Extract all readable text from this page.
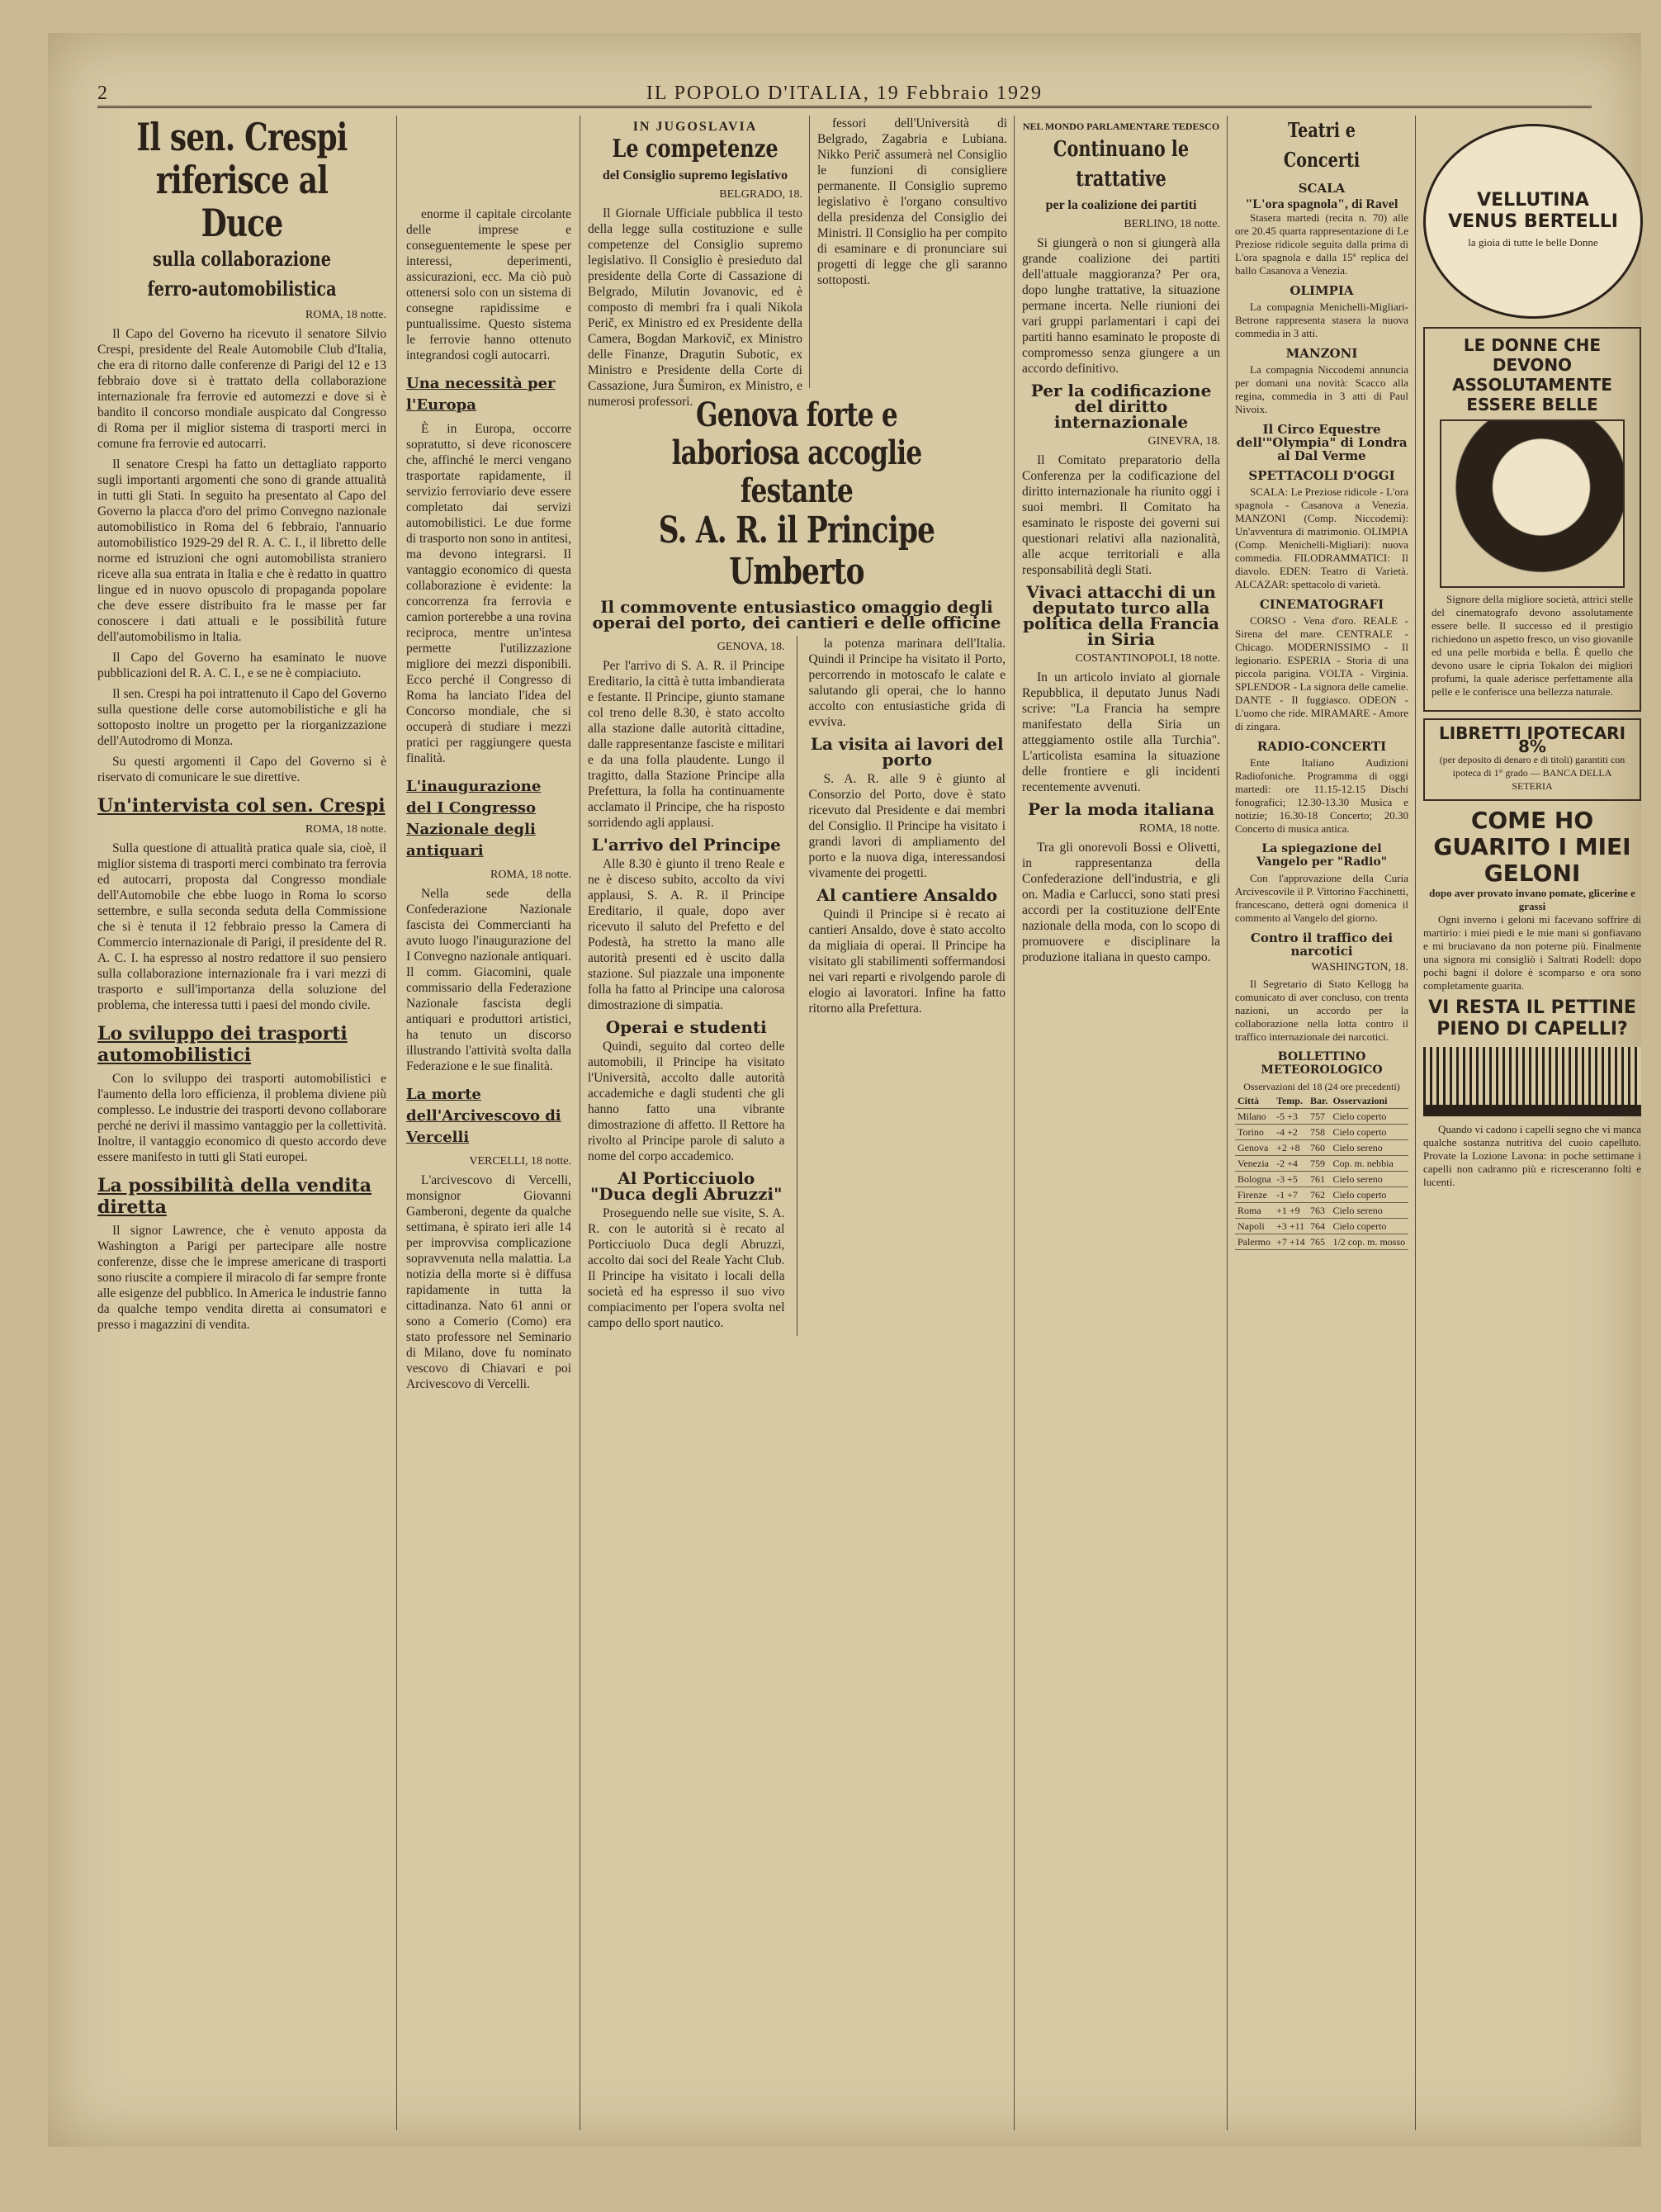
2	IL POPOLO D'ITALIA, 19 Febbraio 1929
Il sen. Crespi riferisce al Duce
sulla collaborazione ferro-automobilistica
ROMA, 18 notte.

Il Capo del Governo ha ricevuto il senatore Silvio Crespi, presidente del Reale Automobile Club d'Italia, che era di ritorno dalle conferenze di Parigi del 12 e 13 febbraio dove si è trattato della collaborazione internazionale fra ferrovie ed automezzi e dove si è bandito il concorso mondiale auspicato dal Congresso di Roma per il miglior sistema di trasporti merci in comune fra ferrovie ed autocarri.

Il senatore Crespi ha fatto un dettagliato rapporto sugli importanti argomenti che sono di grande attualità in tutti gli Stati. In seguito ha presentato al Capo del Governo la placca d'oro del primo Convegno nazionale automobilistico in Roma del 6 febbraio, l'annuario automobilistico 1929-29 del R. A. C. I., il libretto delle norme ed istruzioni che ogni automobilista straniero riceve alla sua entrata in Italia e che è redatto in quattro lingue ed in nuovo opuscolo di propaganda popolare che deve essere distribuito fra le masse per far conoscere i dati attuali e le possibilità future dell'automobilismo in Italia.

Il Capo del Governo ha esaminato le nuove pubblicazioni del R. A. C. I., e se ne è compiaciuto.

Il sen. Crespi ha poi intrattenuto il Capo del Governo sulla questione delle corse automobilistiche e gli ha sottoposto inoltre un progetto per la riorganizzazione dell'Autodromo di Monza.

Su questi argomenti il Capo del Governo si è riservato di comunicare le sue direttive.

Un'intervista col sen. Crespi
ROMA, 18 notte.

Sulla questione di attualità pratica quale sia, cioè, il miglior sistema di trasporti merci combinato tra ferrovia ed autocarri, proposta dal Congresso mondiale dell'Automobile che ebbe luogo in Roma lo scorso settembre, e sulla seconda seduta della Commissione che si è tenuta il 12 febbraio presso la Camera di Commercio internazionale di Parigi, il presidente del R. A. C. I. ha espresso al nostro redattore il suo pensiero sulla collaborazione internazionale fra i vari mezzi di trasporto e sull'importanza della soluzione del problema, che interessa tutti i paesi del mondo civile.

Lo sviluppo dei trasporti automobilistici

Con lo sviluppo dei trasporti automobilistici e l'aumento della loro efficienza, il problema diviene più complesso. Le industrie dei trasporti devono collaborare perché ne derivi il massimo vantaggio per la collettività. Inoltre, il vantaggio economico di questo accordo deve essere manifesto in tutti gli Stati europei.

La possibilità della vendita diretta

Il signor Lawrence, che è venuto apposta da Washington a Parigi per partecipare alle nostre conferenze, disse che le imprese americane di trasporti sono riuscite a compiere il miracolo di far sempre fronte alle esigenze del pubblico. In America le industrie fanno da qualche tempo vendita diretta ai consumatori e presso i magazzini di vendita.

enorme il capitale circolante delle imprese e conseguentemente le spese per interessi, deperimenti, assicurazioni, ecc. Ma ciò può ottenersi solo con un sistema di consegne rapidissime e puntualissime. Questo sistema le ferrovie hanno ottenuto integrandosi cogli autocarri.

Una necessità per l'Europa

È in Europa, occorre sopratutto, si deve riconoscere che, affinché le merci vengano trasportate rapidamente, il servizio ferroviario deve essere completato dai servizi automobilistici. Le due forme di trasporto non sono in antitesi, ma devono integrarsi. Il vantaggio economico di questa collaborazione è evidente: la concorrenza fra ferrovia e camion porterebbe a una rovina reciproca, mentre un'intesa permette l'utilizzazione migliore dei mezzi disponibili. Ecco perché il Congresso di Roma ha lanciato l'idea del Concorso mondiale, che si occuperà di studiare i mezzi pratici per raggiungere questa finalità.

L'inaugurazione del I Congresso Nazionale degli antiquari
ROMA, 18 notte.

Nella sede della Confederazione Nazionale fascista dei Commercianti ha avuto luogo l'inaugurazione del I Convegno nazionale antiquari. Il comm. Giacomini, quale commissario della Federazione Nazionale fascista degli antiquari e produttori artistici, ha tenuto un discorso illustrando l'attività svolta dalla Federazione e le sue finalità.

La morte dell'Arcivescovo di Vercelli
VERCELLI, 18 notte.

L'arcivescovo di Vercelli, monsignor Giovanni Gamberoni, degente da qualche settimana, è spirato ieri alle 14 per improvvisa complicazione sopravvenuta nella malattia. La notizia della morte si è diffusa rapidamente in tutta la cittadinanza. Nato 61 anni or sono a Comerio (Como) era stato professore nel Seminario di Milano, dove fu nominato vescovo di Chiavari e poi Arcivescovo di Vercelli.

IN JUGOSLAVIA
Le competenze
del Consiglio supremo legislativo
BELGRADO, 18.

Il Giornale Ufficiale pubblica il testo della legge sulla costituzione e sulle competenze del Consiglio supremo legislativo. Il Consiglio è presieduto dal presidente della Corte di Cassazione di Belgrado, Milutin Jovanovic, ed è composto di membri fra i quali Nikola Perič, ex Ministro ed ex Presidente della Camera, Bogdan Markovič, ex Ministro delle Finanze, Dragutin Subotic, ex Ministro e Presidente della Corte di Cassazione, Jura Šumiron, ex Ministro, e numerosi professori.

fessori dell'Università di Belgrado, Zagabria e Lubiana. Nikko Perič assumerà nel Consiglio le funzioni di consigliere permanente. Il Consiglio supremo legislativo è l'organo consultivo della presidenza del Consiglio dei Ministri. Il Consiglio ha per compito di esaminare e di pronunciare sui progetti di legge che gli saranno sottoposti.

Genova forte e laboriosa accoglie festante
S. A. R. il Principe Umberto
Il commovente entusiastico omaggio degli operai del porto, dei cantieri e delle officine
GENOVA, 18.

Per l'arrivo di S. A. R. il Principe Ereditario, la città è tutta imbandierata e festante. Il Principe, giunto stamane col treno delle 8.30, è stato accolto alla stazione dalle autorità cittadine, dalle rappresentanze fasciste e militari e da una folla plaudente. Lungo il tragitto, dalla Stazione Principe alla Prefettura, la folla ha continuamente acclamato il Principe, che ha risposto sorridendo agli applausi.

L'arrivo del Principe

Alle 8.30 è giunto il treno Reale e ne è disceso subito, accolto da vivi applausi, S. A. R. il Principe Ereditario, il quale, dopo aver ricevuto il saluto del Prefetto e del Podestà, ha stretto la mano alle autorità presenti ed è uscito dalla stazione. Sul piazzale una imponente folla ha fatto al Principe una calorosa dimostrazione di simpatia.

Operai e studenti

Quindi, seguito dal corteo delle automobili, il Principe ha visitato l'Università, accolto dalle autorità accademiche e dagli studenti che gli hanno fatto una vibrante dimostrazione di affetto. Il Rettore ha rivolto al Principe parole di saluto a nome del corpo accademico.

Al Porticciuolo "Duca degli Abruzzi"

Proseguendo nelle sue visite, S. A. R. con le autorità si è recato al Porticciuolo Duca degli Abruzzi, accolto dai soci del Reale Yacht Club. Il Principe ha visitato i locali della società ed ha espresso il suo vivo compiacimento per l'opera svolta nel campo dello sport nautico.

la potenza marinara dell'Italia. Quindi il Principe ha visitato il Porto, percorrendo in motoscafo le calate e salutando gli operai, che lo hanno accolto con entusiastiche grida di evviva.

La visita ai lavori del porto

S. A. R. alle 9 è giunto al Consorzio del Porto, dove è stato ricevuto dal Presidente e dai membri del Consiglio. Il Principe ha visitato i grandi lavori di ampliamento del porto e la nuova diga, interessandosi vivamente dei progetti.

Al cantiere Ansaldo

Quindi il Principe si è recato ai cantieri Ansaldo, dove è stato accolto da migliaia di operai. Il Principe ha visitato gli stabilimenti soffermandosi nei vari reparti e rivolgendo parole di elogio ai lavoratori. Infine ha fatto ritorno alla Prefettura.

NEL MONDO PARLAMENTARE TEDESCO
Continuano le trattative
per la coalizione dei partiti
BERLINO, 18 notte.

Si giungerà o non si giungerà alla grande coalizione dei partiti dell'attuale maggioranza? Per ora, dopo lunghe trattative, la situazione permane incerta. Nelle riunioni dei vari gruppi parlamentari i capi dei partiti hanno esaminato le proposte di compromesso senza giungere a un accordo definitivo.

Per la codificazione del diritto internazionale
GINEVRA, 18.

Il Comitato preparatorio della Conferenza per la codificazione del diritto internazionale ha riunito oggi i suoi membri. Il Comitato ha esaminato le risposte dei governi sui questionari relativi alla nazionalità, alle acque territoriali e alla responsabilità degli Stati.

Vivaci attacchi di un deputato turco alla politica della Francia in Siria
COSTANTINOPOLI, 18 notte.

In un articolo inviato al giornale Repubblica, il deputato Junus Nadi scrive: "La Francia ha sempre manifestato della Siria un atteggiamento ostile alla Turchia". L'articolista esamina la situazione delle frontiere e gli incidenti recentemente avvenuti.

Per la moda italiana
ROMA, 18 notte.

Tra gli onorevoli Bossi e Olivetti, in rappresentanza della Confederazione dell'industria, e gli on. Madia e Carlucci, sono stati presi accordi per la costituzione dell'Ente nazionale della moda, con lo scopo di promuovere e disciplinare la produzione italiana in questo campo.

Teatri e Concerti
SCALA
"L'ora spagnola", di Ravel

Stasera martedì (recita n. 70) alle ore 20.45 quarta rappresentazione di Le Preziose ridicole seguita dalla prima di L'ora spagnola e dalla 15ª replica del ballo Casanova a Venezia.

OLIMPIA

La compagnia Menichelli-Migliari-Betrone rappresenta stasera la nuova commedia in 3 atti.

MANZONI

La compagnia Niccodemi annuncia per domani una novità: Scacco alla regina, commedia in 3 atti di Paul Nivoix.

Il Circo Equestre dell'"Olympia" di Londra al Dal Verme
SPETTACOLI D'OGGI

SCALA: Le Preziose ridicole - L'ora spagnola - Casanova a Venezia. MANZONI (Comp. Niccodemi): Un'avventura di matrimonio. OLIMPIA (Comp. Menichelli-Migliari): nuova commedia. FILODRAMMATICI: Il diavolo. EDEN: Teatro di Varietà. ALCAZAR: spettacolo di varietà.

CINEMATOGRAFI

CORSO - Vena d'oro. REALE - Sirena del mare. CENTRALE - Chicago. MODERNISSIMO - Il legionario. ESPERIA - Storia di una piccola parigina. VOLTA - Virginia. SPLENDOR - La signora delle camelie. DANTE - Il fuggiasco. ODEON - L'uomo che ride. MIRAMARE - Amore di zingara.

RADIO-CONCERTI

Ente Italiano Audizioni Radiofoniche. Programma di oggi martedì: ore 11.15-12.15 Dischi fonografici; 12.30-13.30 Musica e notizie; 16.30-18 Concerto; 20.30 Concerto di musica antica.

La spiegazione del Vangelo per "Radio"

Con l'approvazione della Curia Arcivescovile il P. Vittorino Facchinetti, francescano, detterà ogni domenica il commento al Vangelo del giorno.

Contro il traffico dei narcotici
WASHINGTON, 18.

Il Segretario di Stato Kellogg ha comunicato di aver concluso, con trenta nazioni, un accordo per la collaborazione nella lotta contro il traffico internazionale dei narcotici.

BOLLETTINO METEOROLOGICO
Osservazioni del 18 (24 ore precedenti)
Città	Temp.	Bar.	Osservazioni
Milano	-5 +3	757	Cielo coperto
Torino	-4 +2	758	Cielo coperto
Genova	+2 +8	760	Cielo sereno
Venezia	-2 +4	759	Cop. m. nebbia
Bologna	-3 +5	761	Cielo sereno
Firenze	-1 +7	762	Cielo coperto
Roma	+1 +9	763	Cielo sereno
Napoli	+3 +11	764	Cielo coperto
Palermo	+7 +14	765	1/2 cop. m. mosso
VELLUTINA VENUS BERTELLI
la gioia di tutte le belle Donne
LE DONNE CHE DEVONO ASSOLUTAMENTE ESSERE BELLE

Signore della migliore società, attrici stelle del cinematografo devono assolutamente essere belle. Il successo ed il prestigio richiedono un aspetto fresco, un viso giovanile ed una pelle morbida e bella. È quello che devono usare le cipria Tokalon dei migliori profumi, la quale aderisce perfettamente alla pelle e le conferisce una bellezza naturale.

LIBRETTI IPOTECARI 8%
(per deposito di denaro e di titoli) garantiti con ipoteca di 1° grado — BANCA DELLA SETERIA
COME HO GUARITO I MIEI GELONI
dopo aver provato invano pomate, glicerine e grassi

Ogni inverno i geloni mi facevano soffrire di martirio: i miei piedi e le mie mani si gonfiavano e mi bruciavano da non poterne più. Finalmente una signora mi consigliò i Saltrati Rodell: dopo pochi bagni il dolore è scomparso e ora sono completamente guarita.

VI RESTA IL PETTINE PIENO DI CAPELLI?

Quando vi cadono i capelli segno che vi manca qualche sostanza nutritiva del cuoio capelluto. Provate la Lozione Lavona: in poche settimane i capelli non cadranno più e ricresceranno folti e lucenti.
